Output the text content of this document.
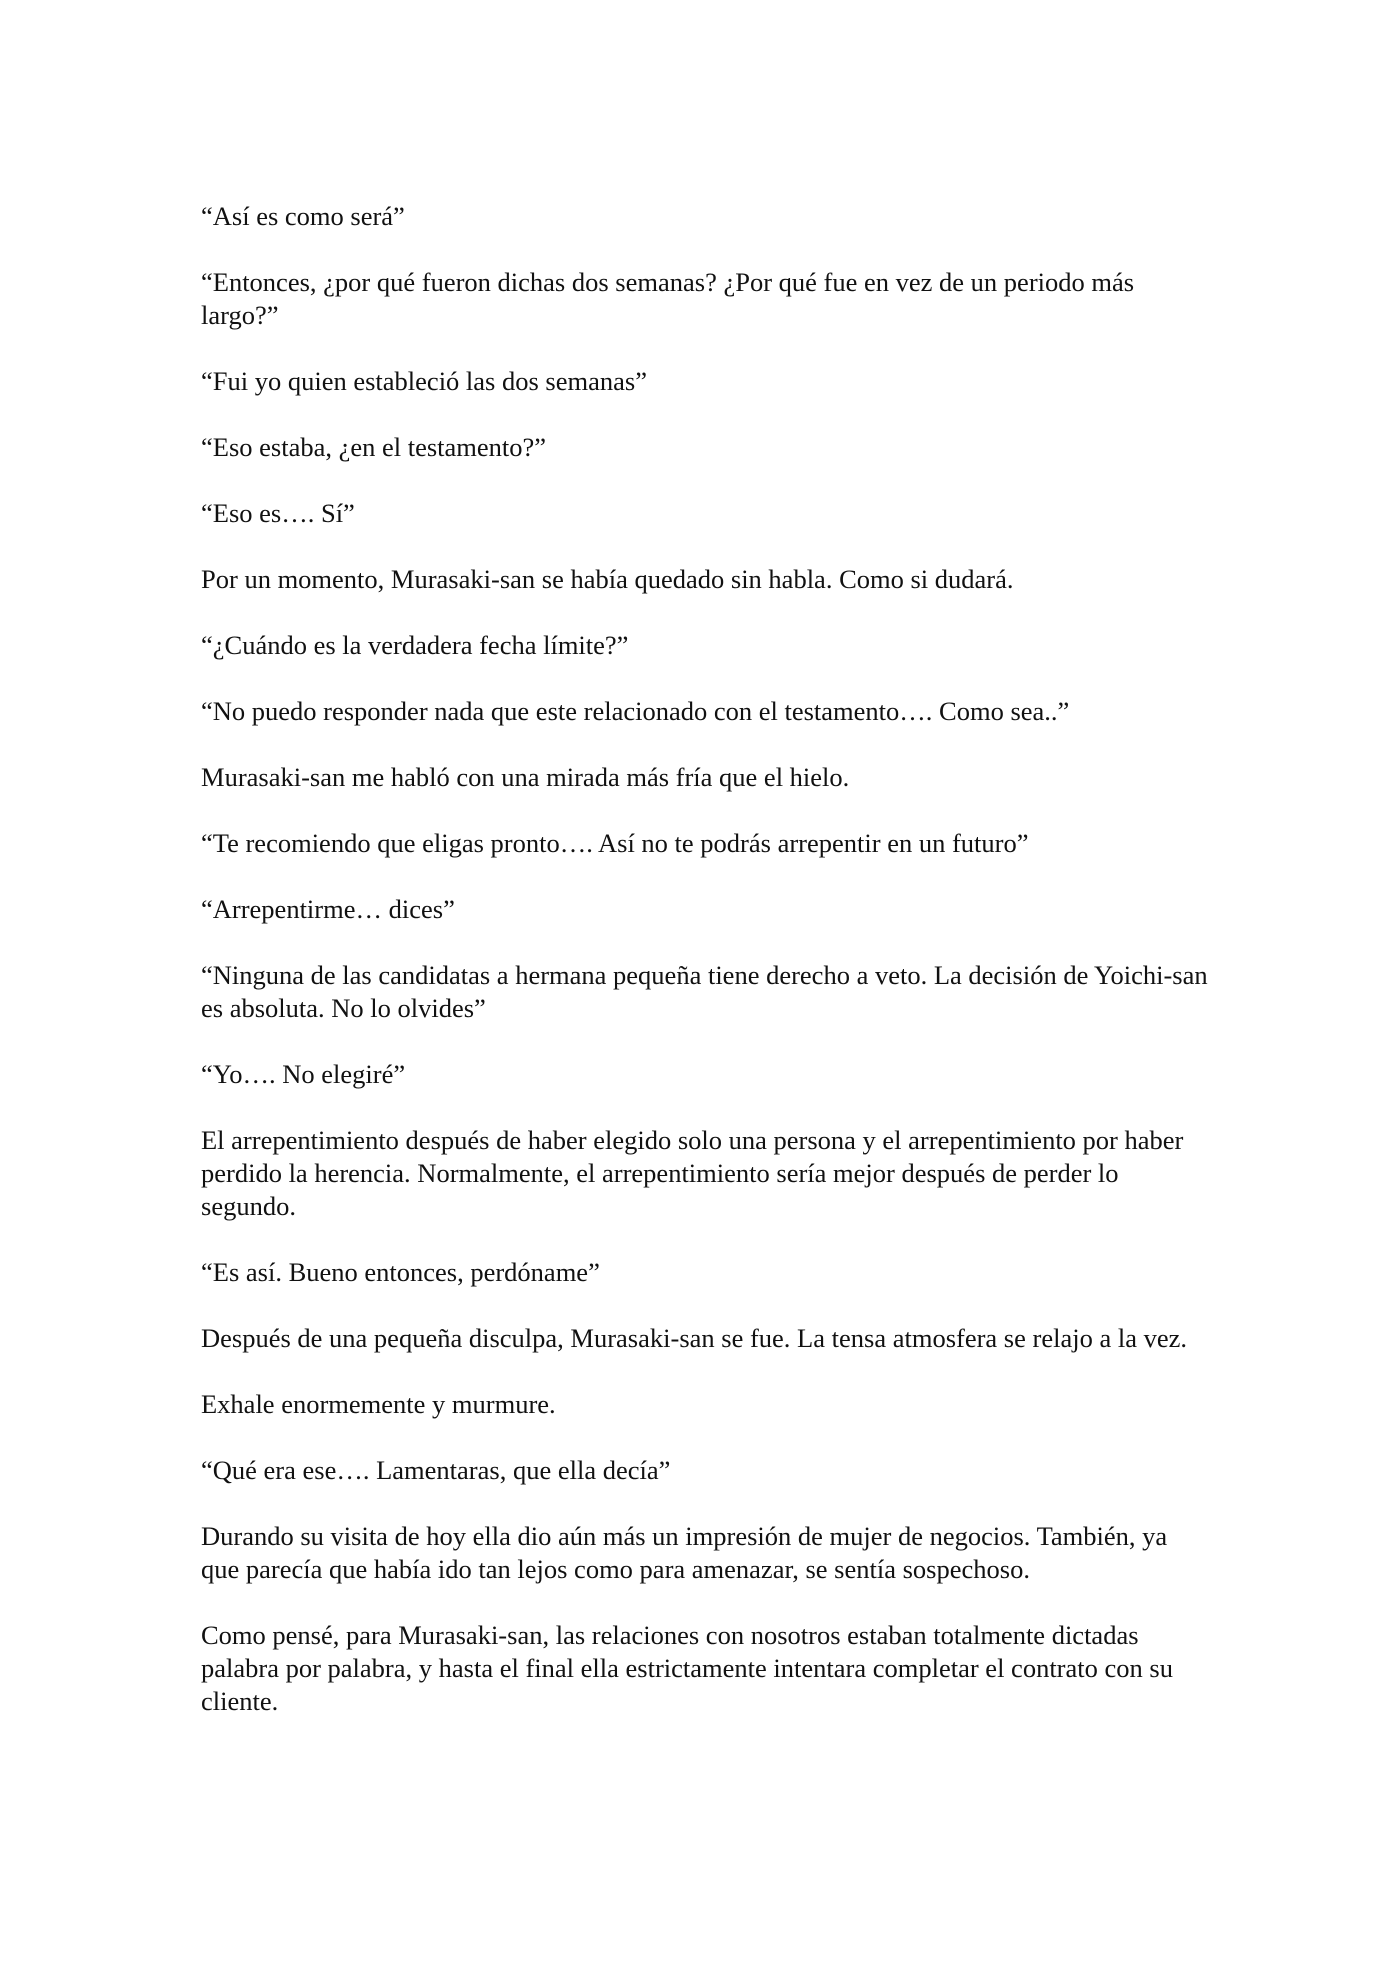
“Así es como será”

“Entonces, ¿por qué fueron dichas dos semanas? ¿Por qué fue en vez de un periodo más largo?”

“Fui yo quien estableció las dos semanas”

“Eso estaba, ¿en el testamento?”

“Eso es…. Sí”

Por un momento, Murasaki-san se había quedado sin habla. Como si dudará.

“¿Cuándo es la verdadera fecha límite?”

“No puedo responder nada que este relacionado con el testamento…. Como sea..”

Murasaki-san me habló con una mirada más fría que el hielo.

“Te recomiendo que eligas pronto…. Así no te podrás arrepentir en un futuro”

“Arrepentirme… dices”

“Ninguna de las candidatas a hermana pequeña tiene derecho a veto. La decisión de Yoichi-san es absoluta. No lo olvides”

“Yo…. No elegiré”

El arrepentimiento después de haber elegido solo una persona y el arrepentimiento por haber perdido la herencia. Normalmente, el arrepentimiento sería mejor después de perder lo segundo.

“Es así. Bueno entonces, perdóname”

Después de una pequeña disculpa, Murasaki-san se fue. La tensa atmosfera se relajo a la vez.

Exhale enormemente y murmure.

“Qué era ese…. Lamentaras, que ella decía”

Durando su visita de hoy ella dio aún más un impresión de mujer de negocios. También, ya que parecía que había ido tan lejos como para amenazar, se sentía sospechoso.

Como pensé, para Murasaki-san, las relaciones con nosotros estaban totalmente dictadas palabra por palabra, y hasta el final ella estrictamente intentara completar el contrato con su cliente.
